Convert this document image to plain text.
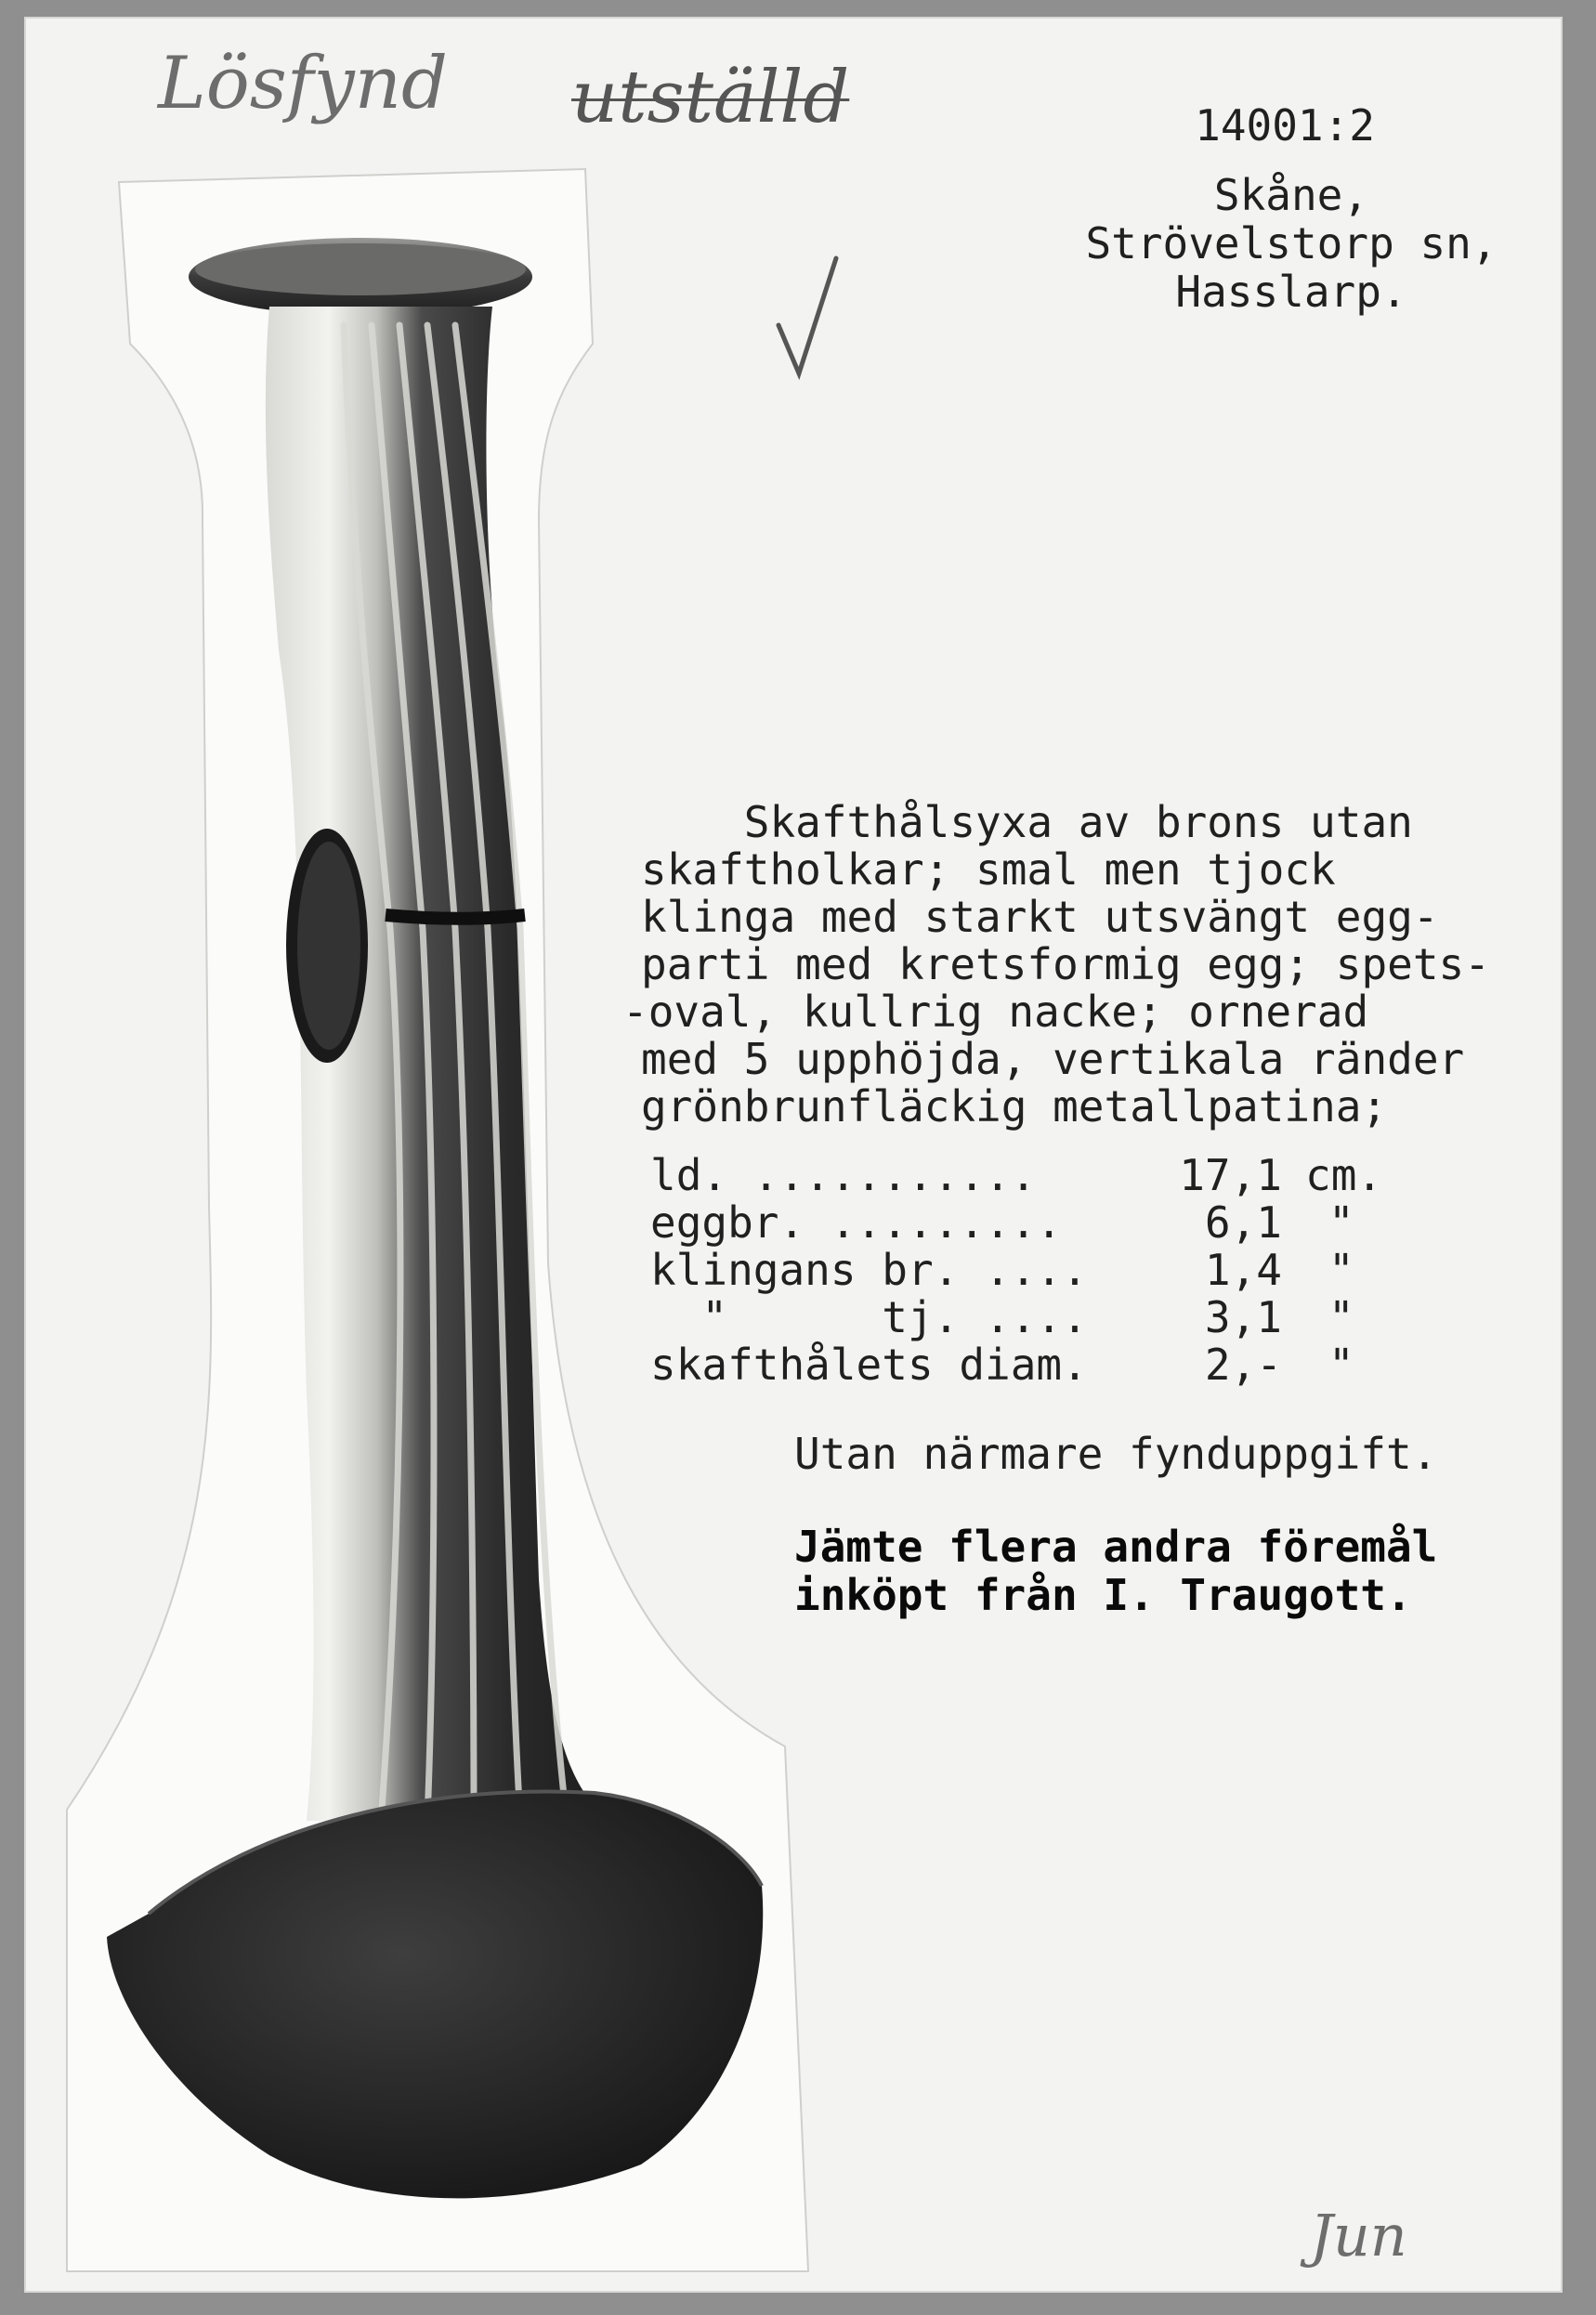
Lösfynd utställd
Jun
14001:2
Skåne,
Strövelstorp sn,
Hasslarp.
Skafthålsyxa av brons utan
skaftholkar; smal men tjock
klinga med starkt utsvängt egg-
parti med kretsformig egg; spets-
-oval, kullrig nacke; ornerad
med 5 upphöjda, vertikala ränder
grönbrunfläckig metallpatina;
ld. ...........	17,1 cm.
eggbr. .........	6,1 "
klingans br. ....	1,4 "
"      tj. ....	3,1 "
skafthålets diam.	2,- "
Utan närmare fynduppgift.
Jämte flera andra föremål
inköpt från I. Traugott.
